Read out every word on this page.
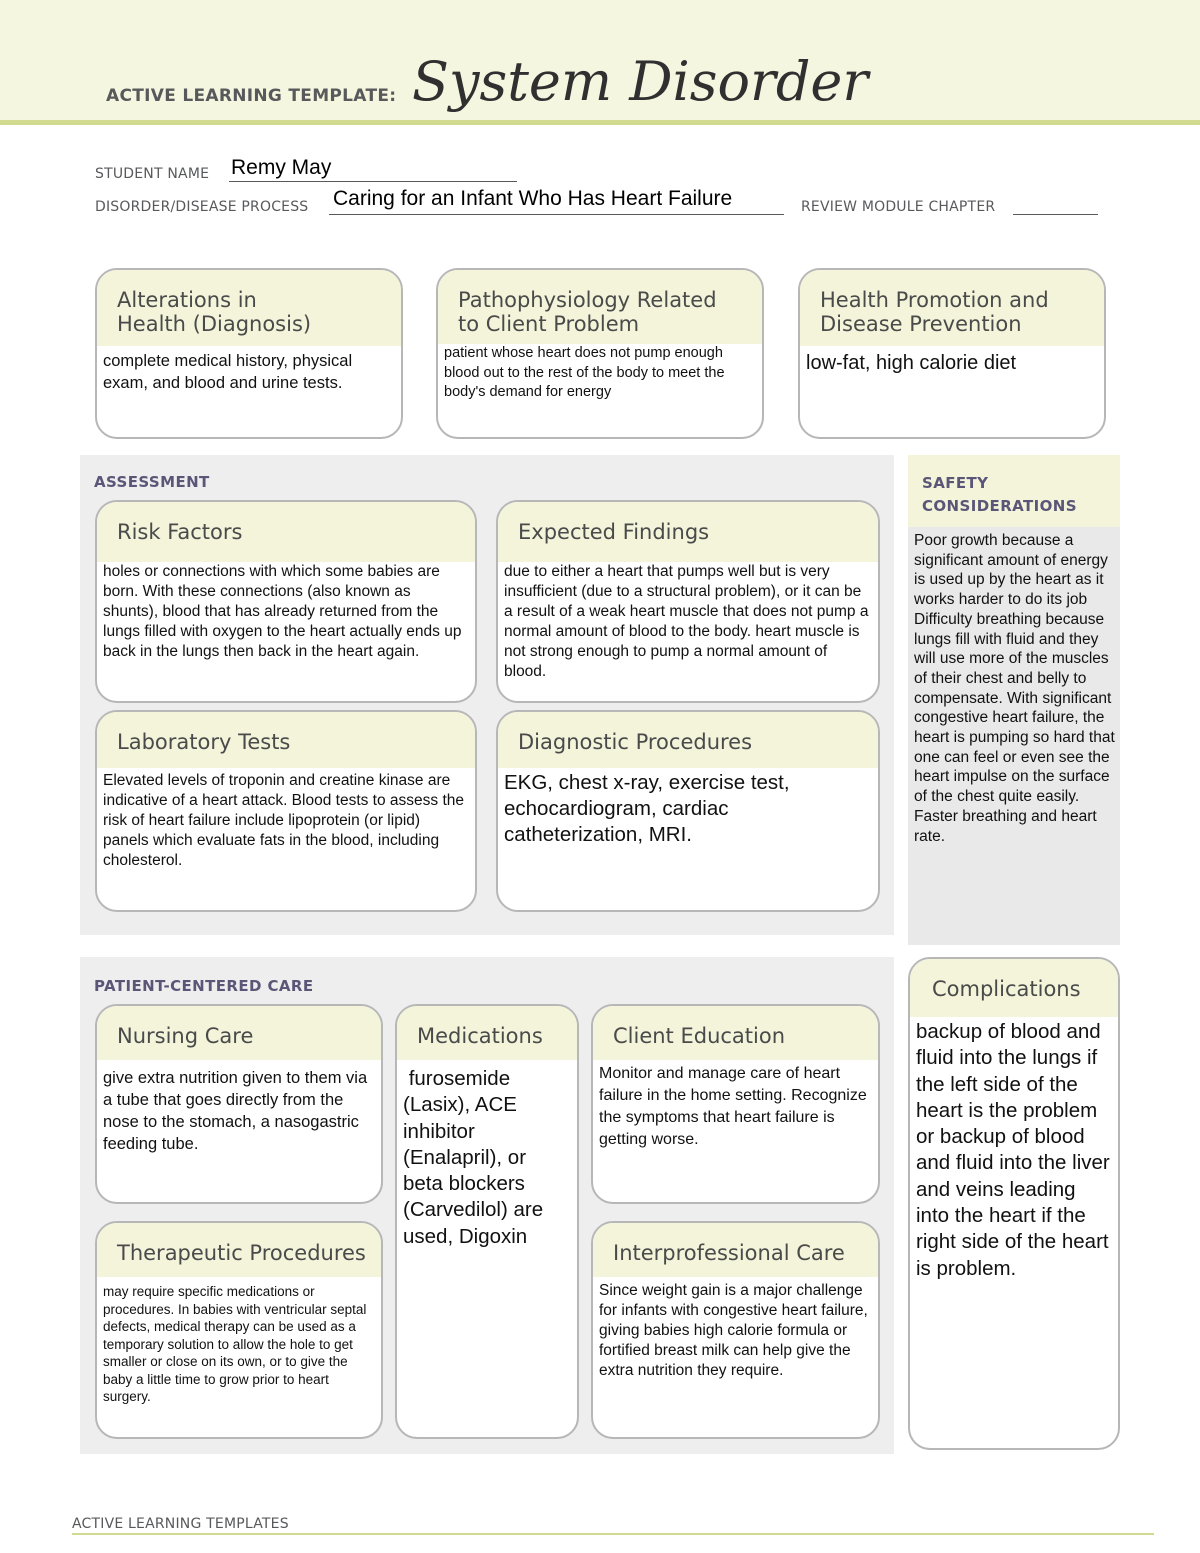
ACTIVE LEARNING TEMPLATE: System Disorder
STUDENT NAME Remy May
DISORDER/DISEASE PROCESS Caring for an Infant Who Has Heart Failure	REVIEW MODULE CHAPTER
Alterations in
Health (Diagnosis)
complete medical history, physical exam, and blood and urine tests.
Pathophysiology Related
to Client Problem
patient whose heart does not pump enough blood out to the rest of the body to meet the body's demand for energy
Health Promotion and
Disease Prevention
low-fat, high calorie diet
ASSESSMENT
Risk Factors
holes or connections with which some babies are born. With these connections (also known as shunts), blood that has already returned from the lungs filled with oxygen to the heart actually ends up back in the lungs then back in the heart again.
Expected Findings
due to either a heart that pumps well but is very insufficient (due to a structural problem), or it can be a result of a weak heart muscle that does not pump a normal amount of blood to the body. heart muscle is not strong enough to pump a normal amount of blood.
Laboratory Tests
Elevated levels of troponin and creatine kinase are indicative of a heart attack. Blood tests to assess the risk of heart failure include lipoprotein (or lipid) panels which evaluate fats in the blood, including cholesterol.
Diagnostic Procedures
EKG, chest x-ray, exercise test, echocardiogram, cardiac catheterization, MRI.
SAFETY
CONSIDERATIONS
Poor growth because a significant amount of energy is used up by the heart as it works harder to do its job
Difficulty breathing because lungs fill with fluid and they will use more of the muscles of their chest and belly to compensate. With significant congestive heart failure, the heart is pumping so hard that one can feel or even see the heart impulse on the surface of the chest quite easily.
Faster breathing and heart rate.
PATIENT-CENTERED CARE
Nursing Care
give extra nutrition given to them via a tube that goes directly from the nose to the stomach, a nasogastric feeding tube.
Medications
furosemide (Lasix), ACE inhibitor (Enalapril), or beta blockers (Carvedilol) are used, Digoxin
Client Education
Monitor and manage care of heart failure in the home setting. Recognize the symptoms that heart failure is getting worse.
Therapeutic Procedures
may require specific medications or procedures. In babies with ventricular septal defects, medical therapy can be used as a temporary solution to allow the hole to get smaller or close on its own, or to give the baby a little time to grow prior to heart surgery.
Interprofessional Care
Since weight gain is a major challenge for infants with congestive heart failure, giving babies high calorie formula or fortified breast milk can help give the extra nutrition they require.
Complications
backup of blood and fluid into the lungs if the left side of the heart is the problem or backup of blood and fluid into the liver and veins leading into the heart if the right side of the heart is problem.
ACTIVE LEARNING TEMPLATES
